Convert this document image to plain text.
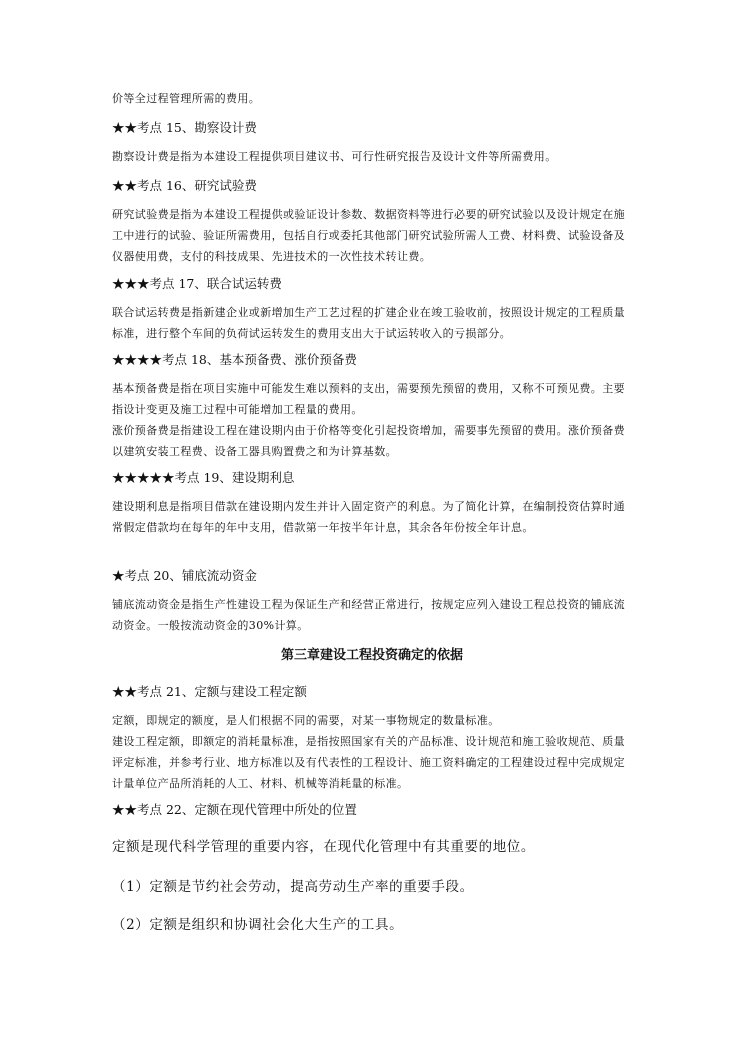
价等全过程管理所需的费用。

★★考点 15、勘察设计费

勘察设计费是指为本建设工程提供项目建议书、可行性研究报告及设计文件等所需费用。

★★考点 16、研究试验费

研究试验费是指为本建设工程提供或验证设计参数、数据资料等进行必要的研究试验以及设计规定在施工中进行的试验、验证所需费用，包括自行或委托其他部门研究试验所需人工费、材料费、试验设备及仪器使用费，支付的科技成果、先进技术的一次性技术转让费。

★★★考点 17、联合试运转费

联合试运转费是指新建企业或新增加生产工艺过程的扩建企业在竣工验收前，按照设计规定的工程质量标准，进行整个车间的负荷试运转发生的费用支出大于试运转收入的亏损部分。

★★★★考点 18、基本预备费、涨价预备费

基本预备费是指在项目实施中可能发生难以预料的支出，需要预先预留的费用，又称不可预见费。主要指设计变更及施工过程中可能增加工程量的费用。

涨价预备费是指建设工程在建设期内由于价格等变化引起投资增加，需要事先预留的费用。涨价预备费以建筑安装工程费、设备工器具购置费之和为计算基数。

★★★★★考点 19、建设期利息

建设期利息是指项目借款在建设期内发生并计入固定资产的利息。为了简化计算，在编制投资估算时通常假定借款均在每年的年中支用，借款第一年按半年计息，其余各年份按全年计息。

★考点 20、铺底流动资金

铺底流动资金是指生产性建设工程为保证生产和经营正常进行，按规定应列入建设工程总投资的铺底流动资金。一般按流动资金的30%计算。

第三章建设工程投资确定的依据

★★考点 21、定额与建设工程定额

定额，即规定的额度，是人们根据不同的需要，对某一事物规定的数量标准。

建设工程定额，即额定的消耗量标准，是指按照国家有关的产品标准、设计规范和施工验收规范、质量评定标准，并参考行业、地方标准以及有代表性的工程设计、施工资料确定的工程建设过程中完成规定计量单位产品所消耗的人工、材料、机械等消耗量的标准。

★★考点 22、定额在现代管理中所处的位置

定额是现代科学管理的重要内容，在现代化管理中有其重要的地位。

（1）定额是节约社会劳动，提高劳动生产率的重要手段。

（2）定额是组织和协调社会化大生产的工具。
